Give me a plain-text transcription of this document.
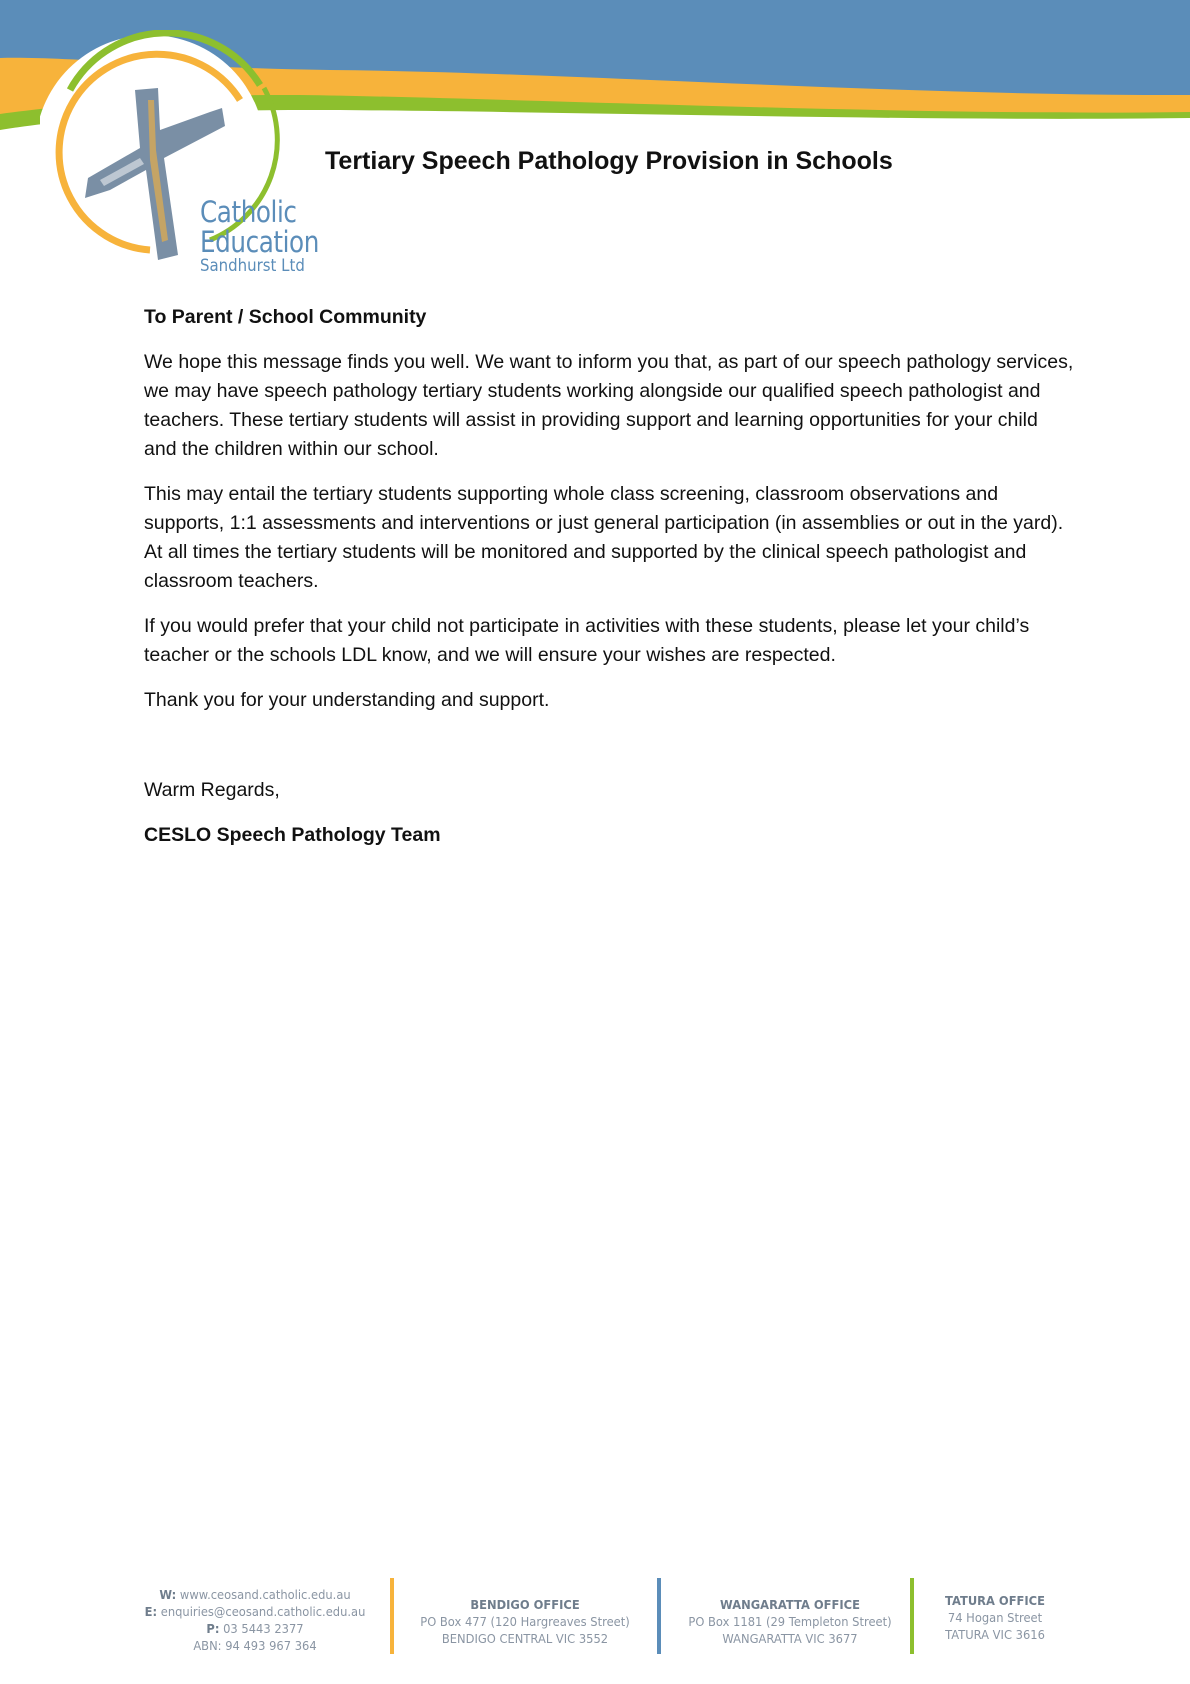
Catholic
Education
Sandhurst Ltd
Tertiary Speech Pathology Provision in Schools

To Parent / School Community

We hope this message finds you well. We want to inform you that, as part of our speech pathology services, we may have speech pathology tertiary students working alongside our qualified speech pathologist and teachers. These tertiary students will assist in providing support and learning opportunities for your child and the children within our school.

This may entail the tertiary students supporting whole class screening, classroom observations and supports, 1:1 assessments and interventions or just general participation (in assemblies or out in the yard). At all times the tertiary students will be monitored and supported by the clinical speech pathologist and classroom teachers.

If you would prefer that your child not participate in activities with these students, please let your child’s teacher or the schools LDL know, and we will ensure your wishes are respected.

Thank you for your understanding and support.

Warm Regards,

CESLO Speech Pathology Team

W: www.ceosand.catholic.edu.au
E: enquiries@ceosand.catholic.edu.au
P: 03 5443 2377
ABN: 94 493 967 364
BENDIGO OFFICE
PO Box 477 (120 Hargreaves Street)
BENDIGO CENTRAL VIC 3552
WANGARATTA OFFICE
PO Box 1181 (29 Templeton Street)
WANGARATTA VIC 3677
TATURA OFFICE
74 Hogan Street
TATURA VIC 3616
